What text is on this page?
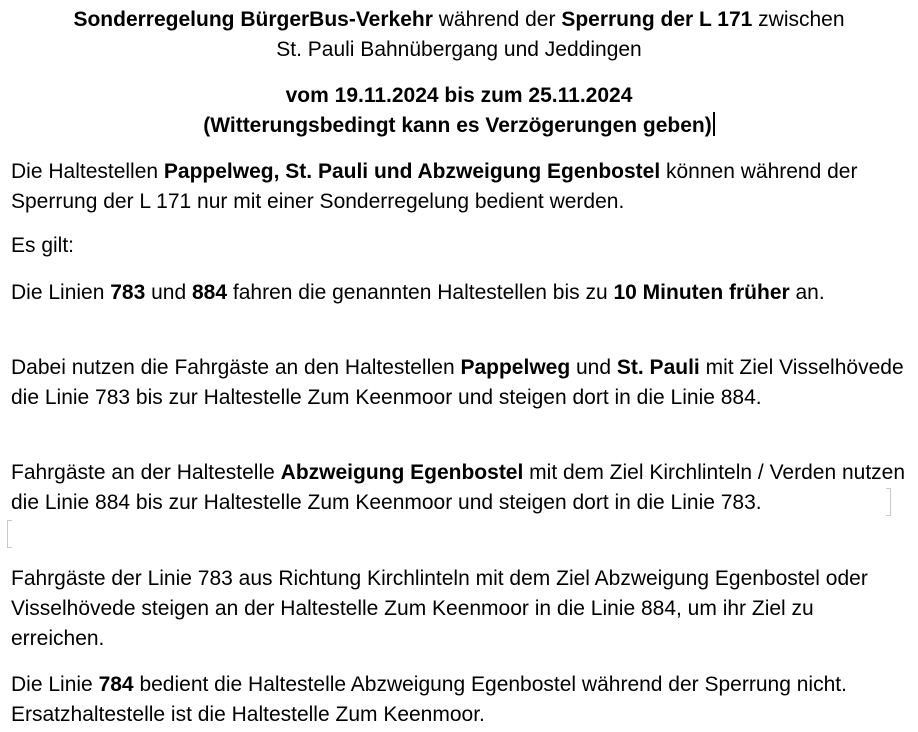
Sonderregelung BürgerBus-Verkehr während der Sperrung der L 171 zwischen
St. Pauli Bahnübergang und Jeddingen
vom 19.11.2024 bis zum 25.11.2024
(Witterungsbedingt kann es Verzögerungen geben)

Die Haltestellen Pappelweg, St. Pauli und Abzweigung Egenbostel können während der Sperrung der L 171 nur mit einer Sonderregelung bedient werden.

Es gilt:

Die Linien 783 und 884 fahren die genannten Haltestellen bis zu 10 Minuten früher an.

Dabei nutzen die Fahrgäste an den Haltestellen Pappelweg und St. Pauli mit Ziel Visselhövede die Linie 783 bis zur Haltestelle Zum Keenmoor und steigen dort in die Linie 884.

Fahrgäste an der Haltestelle Abzweigung Egenbostel mit dem Ziel Kirchlinteln / Verden nutzen die Linie 884 bis zur Haltestelle Zum Keenmoor und steigen dort in die Linie 783.

Fahrgäste der Linie 783 aus Richtung Kirchlinteln mit dem Ziel Abzweigung Egenbostel oder Visselhövede steigen an der Haltestelle Zum Keenmoor in die Linie 884, um ihr Ziel zu erreichen.

Die Linie 784 bedient die Haltestelle Abzweigung Egenbostel während der Sperrung nicht. Ersatzhaltestelle ist die Haltestelle Zum Keenmoor.
